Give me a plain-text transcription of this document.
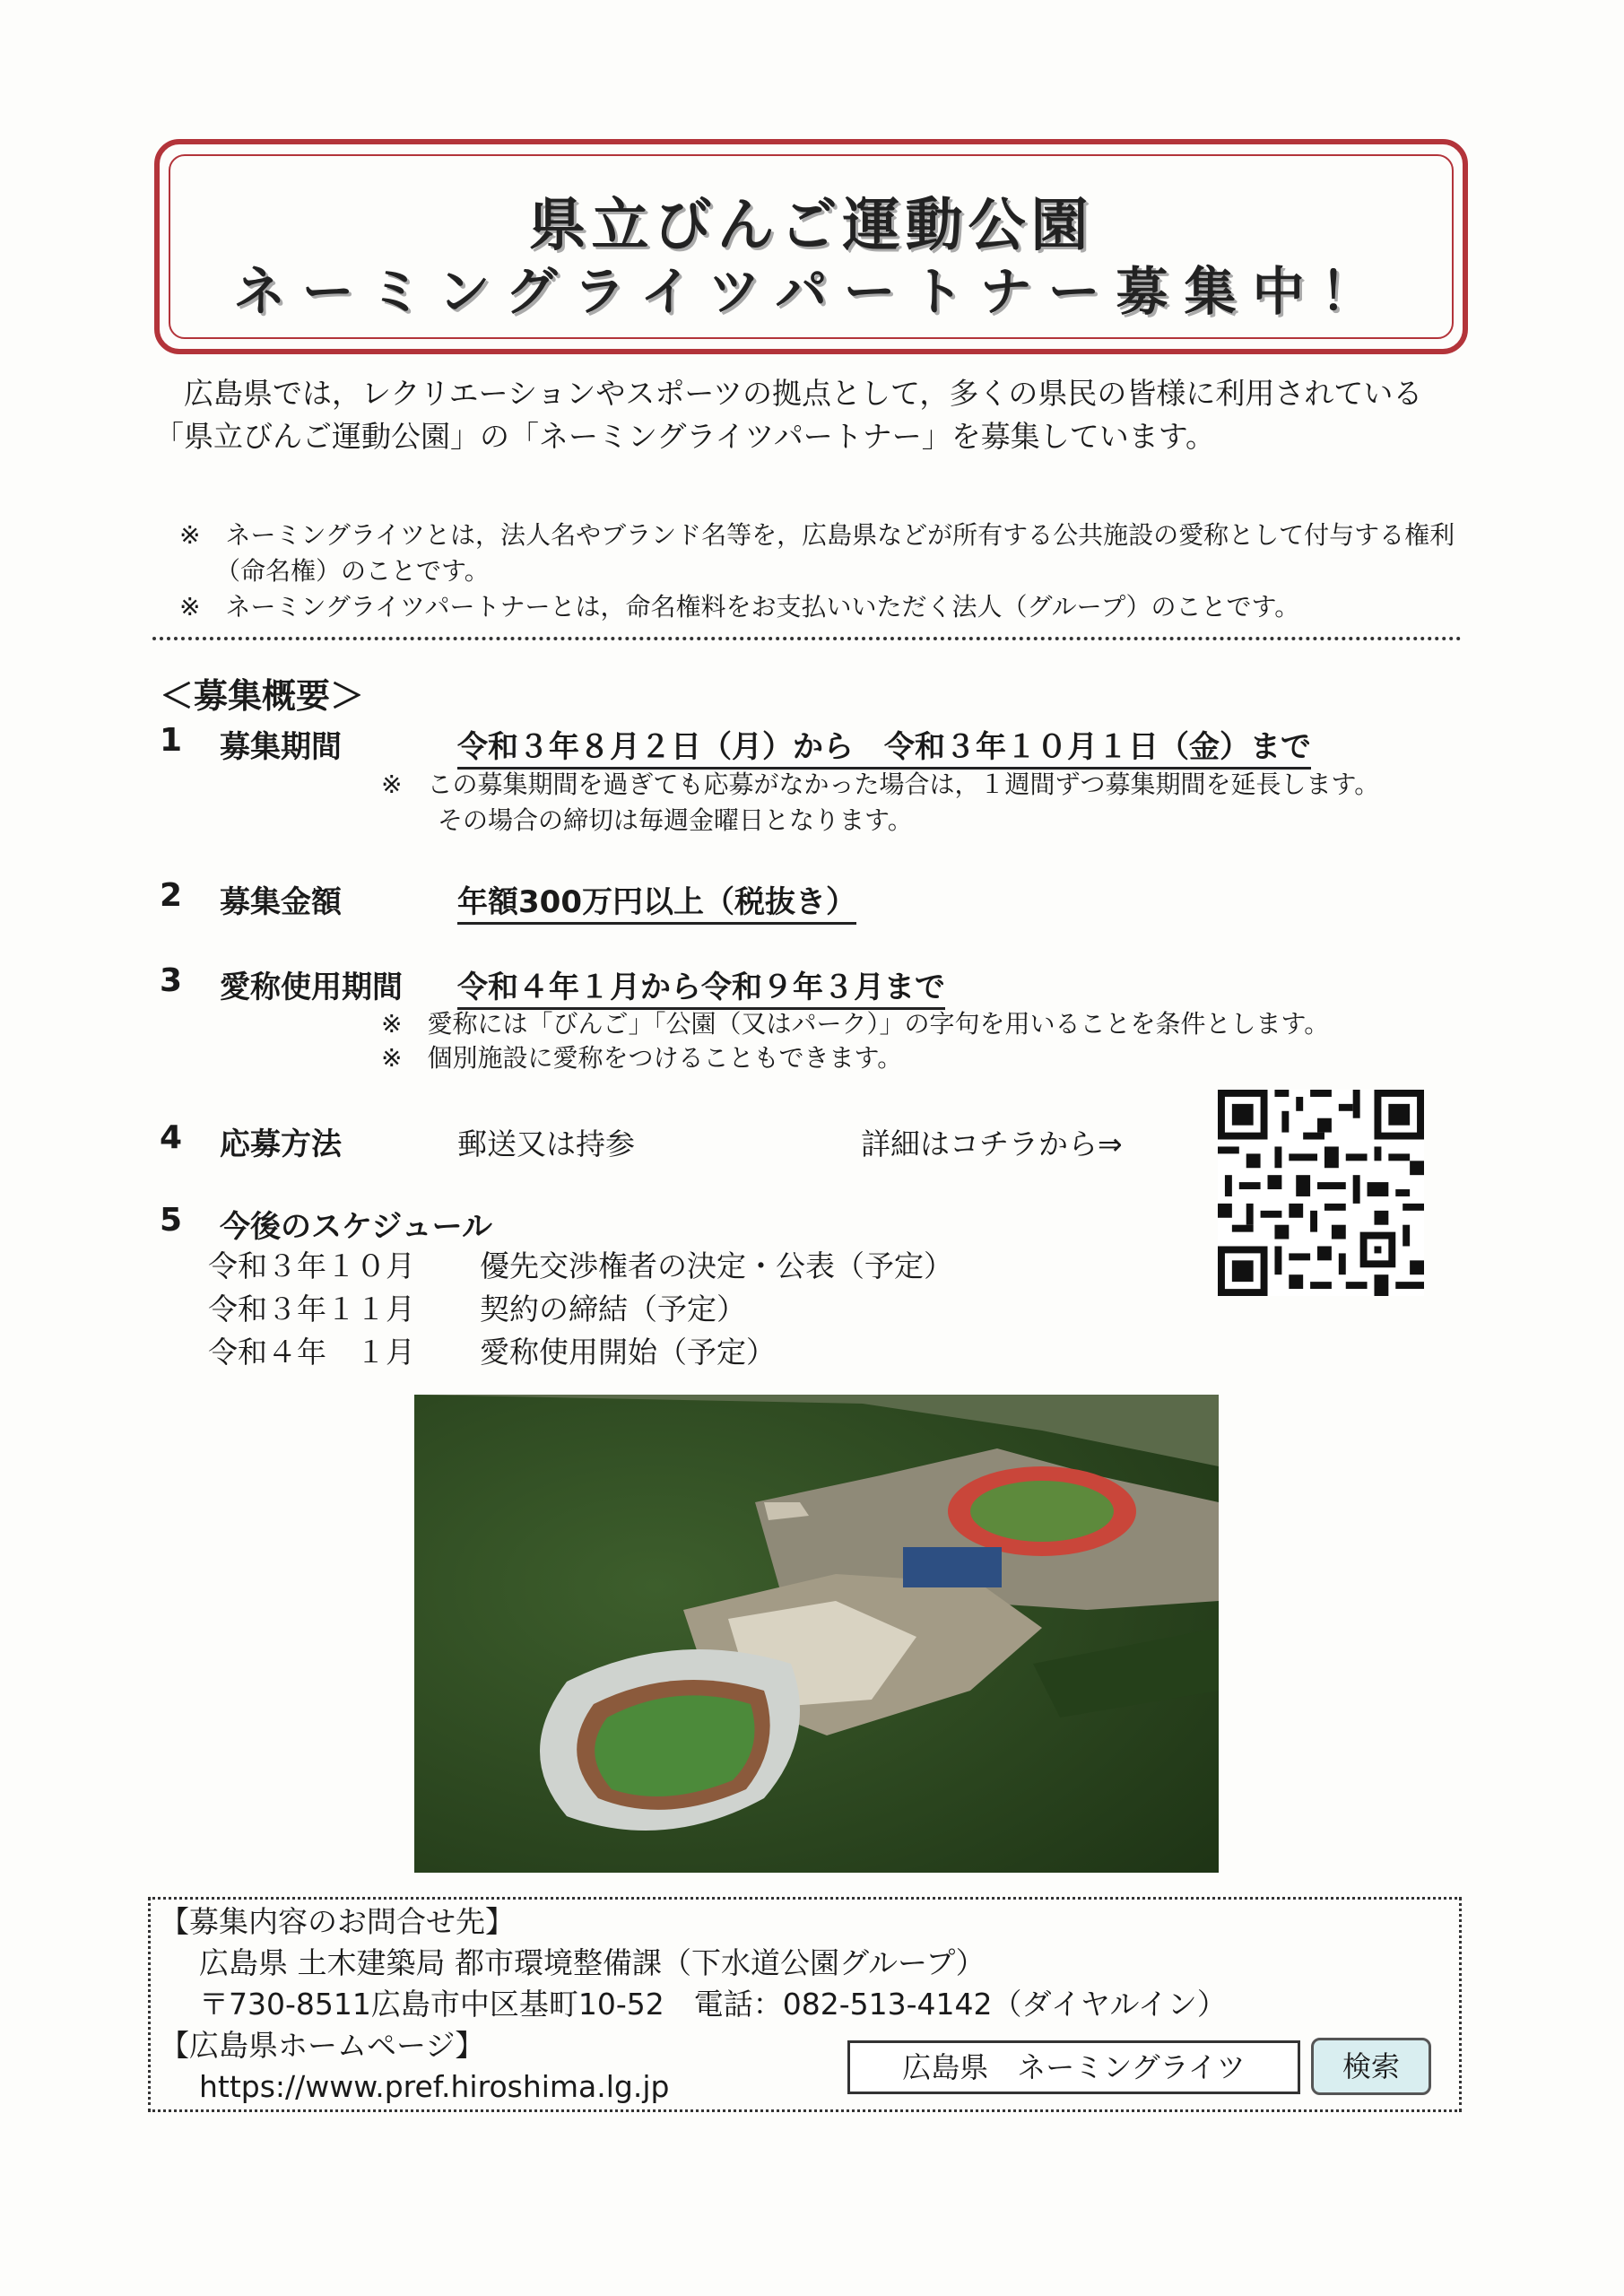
県立びんご運動公園
ネーミングライツパートナー募集中！
広島県では，レクリエーションやスポーツの拠点として，多くの県民の皆様に利用されている「県立びんご運動公園」の「ネーミングライツパートナー」を募集しています。
※　ネーミングライツとは，法人名やブランド名等を，広島県などが所有する公共施設の愛称として付与する権利（命名権）のことです。
※　ネーミングライツパートナーとは，命名権料をお支払いいただく法人（グループ）のことです。
＜募集概要＞
1 募集期間	令和３年８月２日（月）から　令和３年１０月１日（金）まで
※　この募集期間を過ぎても応募がなかった場合は，１週間ずつ募集期間を延長します。
その場合の締切は毎週金曜日となります。
2 募集金額	年額300万円以上（税抜き）
3 愛称使用期間 令和４年１月から令和９年３月まで
※　愛称には「びんご」「公園（又はパーク）」の字句を用いることを条件とします。
※　個別施設に愛称をつけることもできます。
4 応募方法	郵送又は持参	詳細はコチラから⇒
5 今後のスケジュール
令和３年１０月 優先交渉権者の決定・公表（予定）
令和３年１１月 契約の締結（予定）
令和４年　１月 愛称使用開始（予定）
【募集内容のお問合せ先】
広島県 土木建築局 都市環境整備課（下水道公園グループ）
〒730-8511広島市中区基町10-52　電話：082-513-4142（ダイヤルイン）
【広島県ホームページ】
https://www.pref.hiroshima.lg.jp
広島県　ネーミングライツ	検索
